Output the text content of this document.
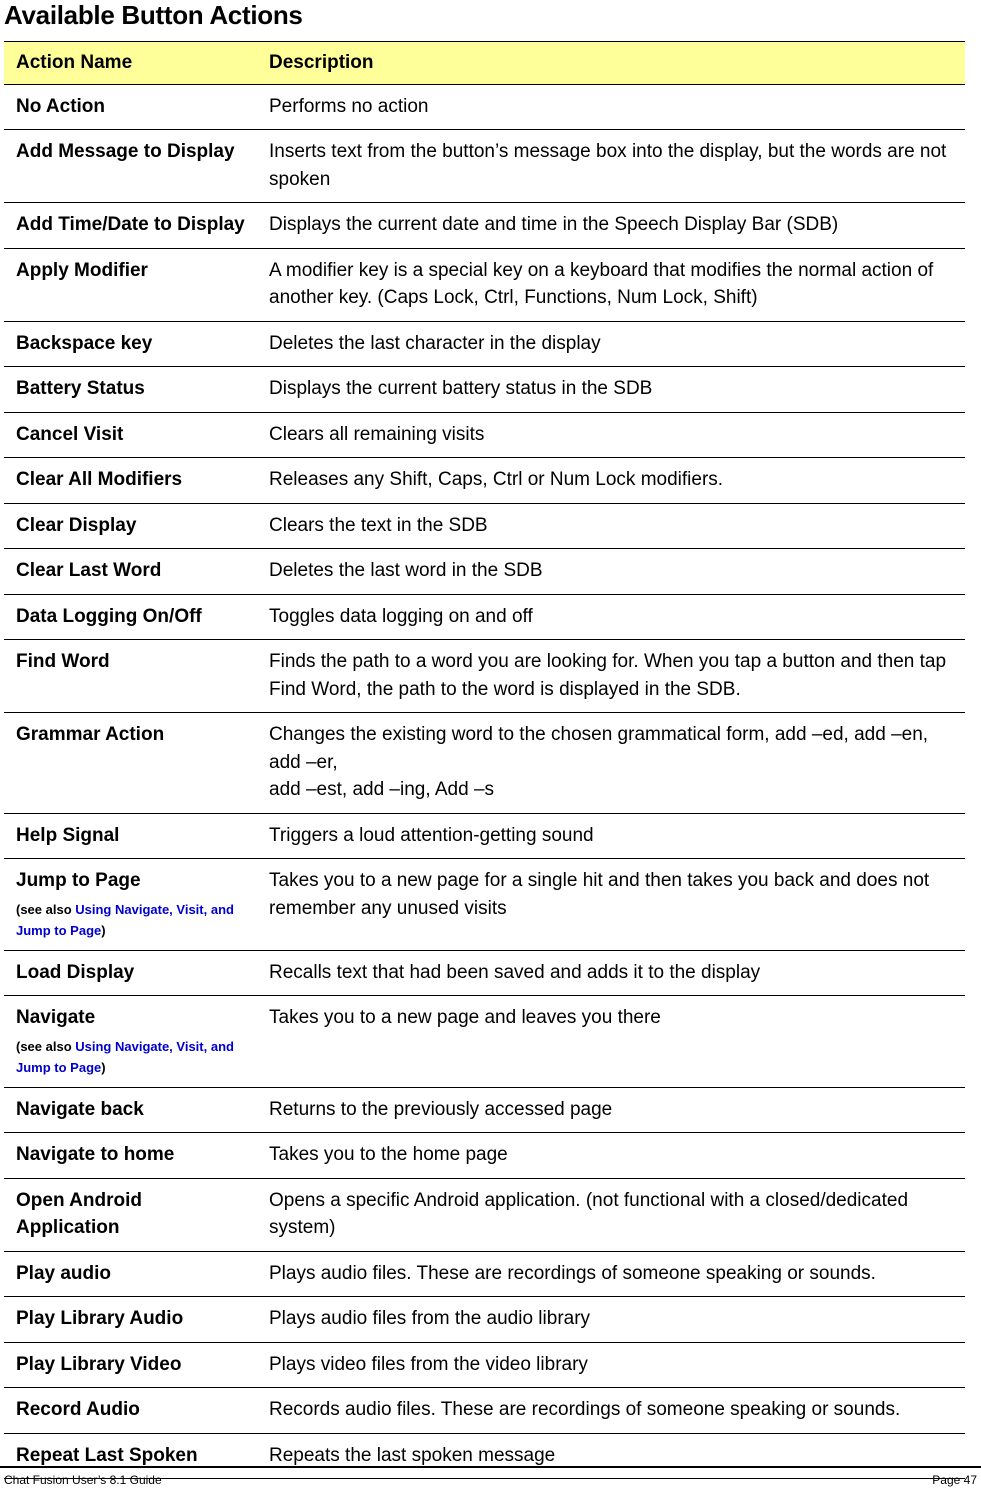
Available Button Actions
Action Name	Description

No Action	Performs no action

Add Message to Display	Inserts text from the button’s message box into the display, but the words are not spoken

Add Time/Date to Display	Displays the current date and time in the Speech Display Bar (SDB)

Apply Modifier	A modifier key is a special key on a keyboard that modifies the normal action of another key. (Caps Lock, Ctrl, Functions, Num Lock, Shift)

Backspace key	Deletes the last character in the display

Battery Status	Displays the current battery status in the SDB

Cancel Visit	Clears all remaining visits

Clear All Modifiers	Releases any Shift, Caps, Ctrl or Num Lock modifiers.

Clear Display	Clears the text in the SDB

Clear Last Word	Deletes the last word in the SDB

Data Logging On/Off	Toggles data logging on and off

Find Word	Finds the path to a word you are looking for. When you tap a button and then tap Find Word, the path to the word is displayed in the SDB.

Grammar Action	Changes the existing word to the chosen grammatical form, add –ed, add –en, add –er,
add –est, add –ing, Add –s

Help Signal	Triggers a loud attention-getting sound

Jump to Page
(see also Using Navigate, Visit, and Jump to Page)	Takes you to a new page for a single hit and then takes you back and does not remember any unused visits

Load Display	Recalls text that had been saved and adds it to the display

Navigate
(see also Using Navigate, Visit, and Jump to Page)	Takes you to a new page and leaves you there

Navigate back	Returns to the previously accessed page

Navigate to home	Takes you to the home page

Open Android Application	Opens a specific Android application. (not functional with a closed/dedicated system)

Play audio	Plays audio files. These are recordings of someone speaking or sounds.

Play Library Audio	Plays audio files from the audio library

Play Library Video	Plays video files from the video library

Record Audio	Records audio files. These are recordings of someone speaking or sounds.

Repeat Last Spoken	Repeats the last spoken message
Chat Fusion User’s 8.1 Guide	Page 47
